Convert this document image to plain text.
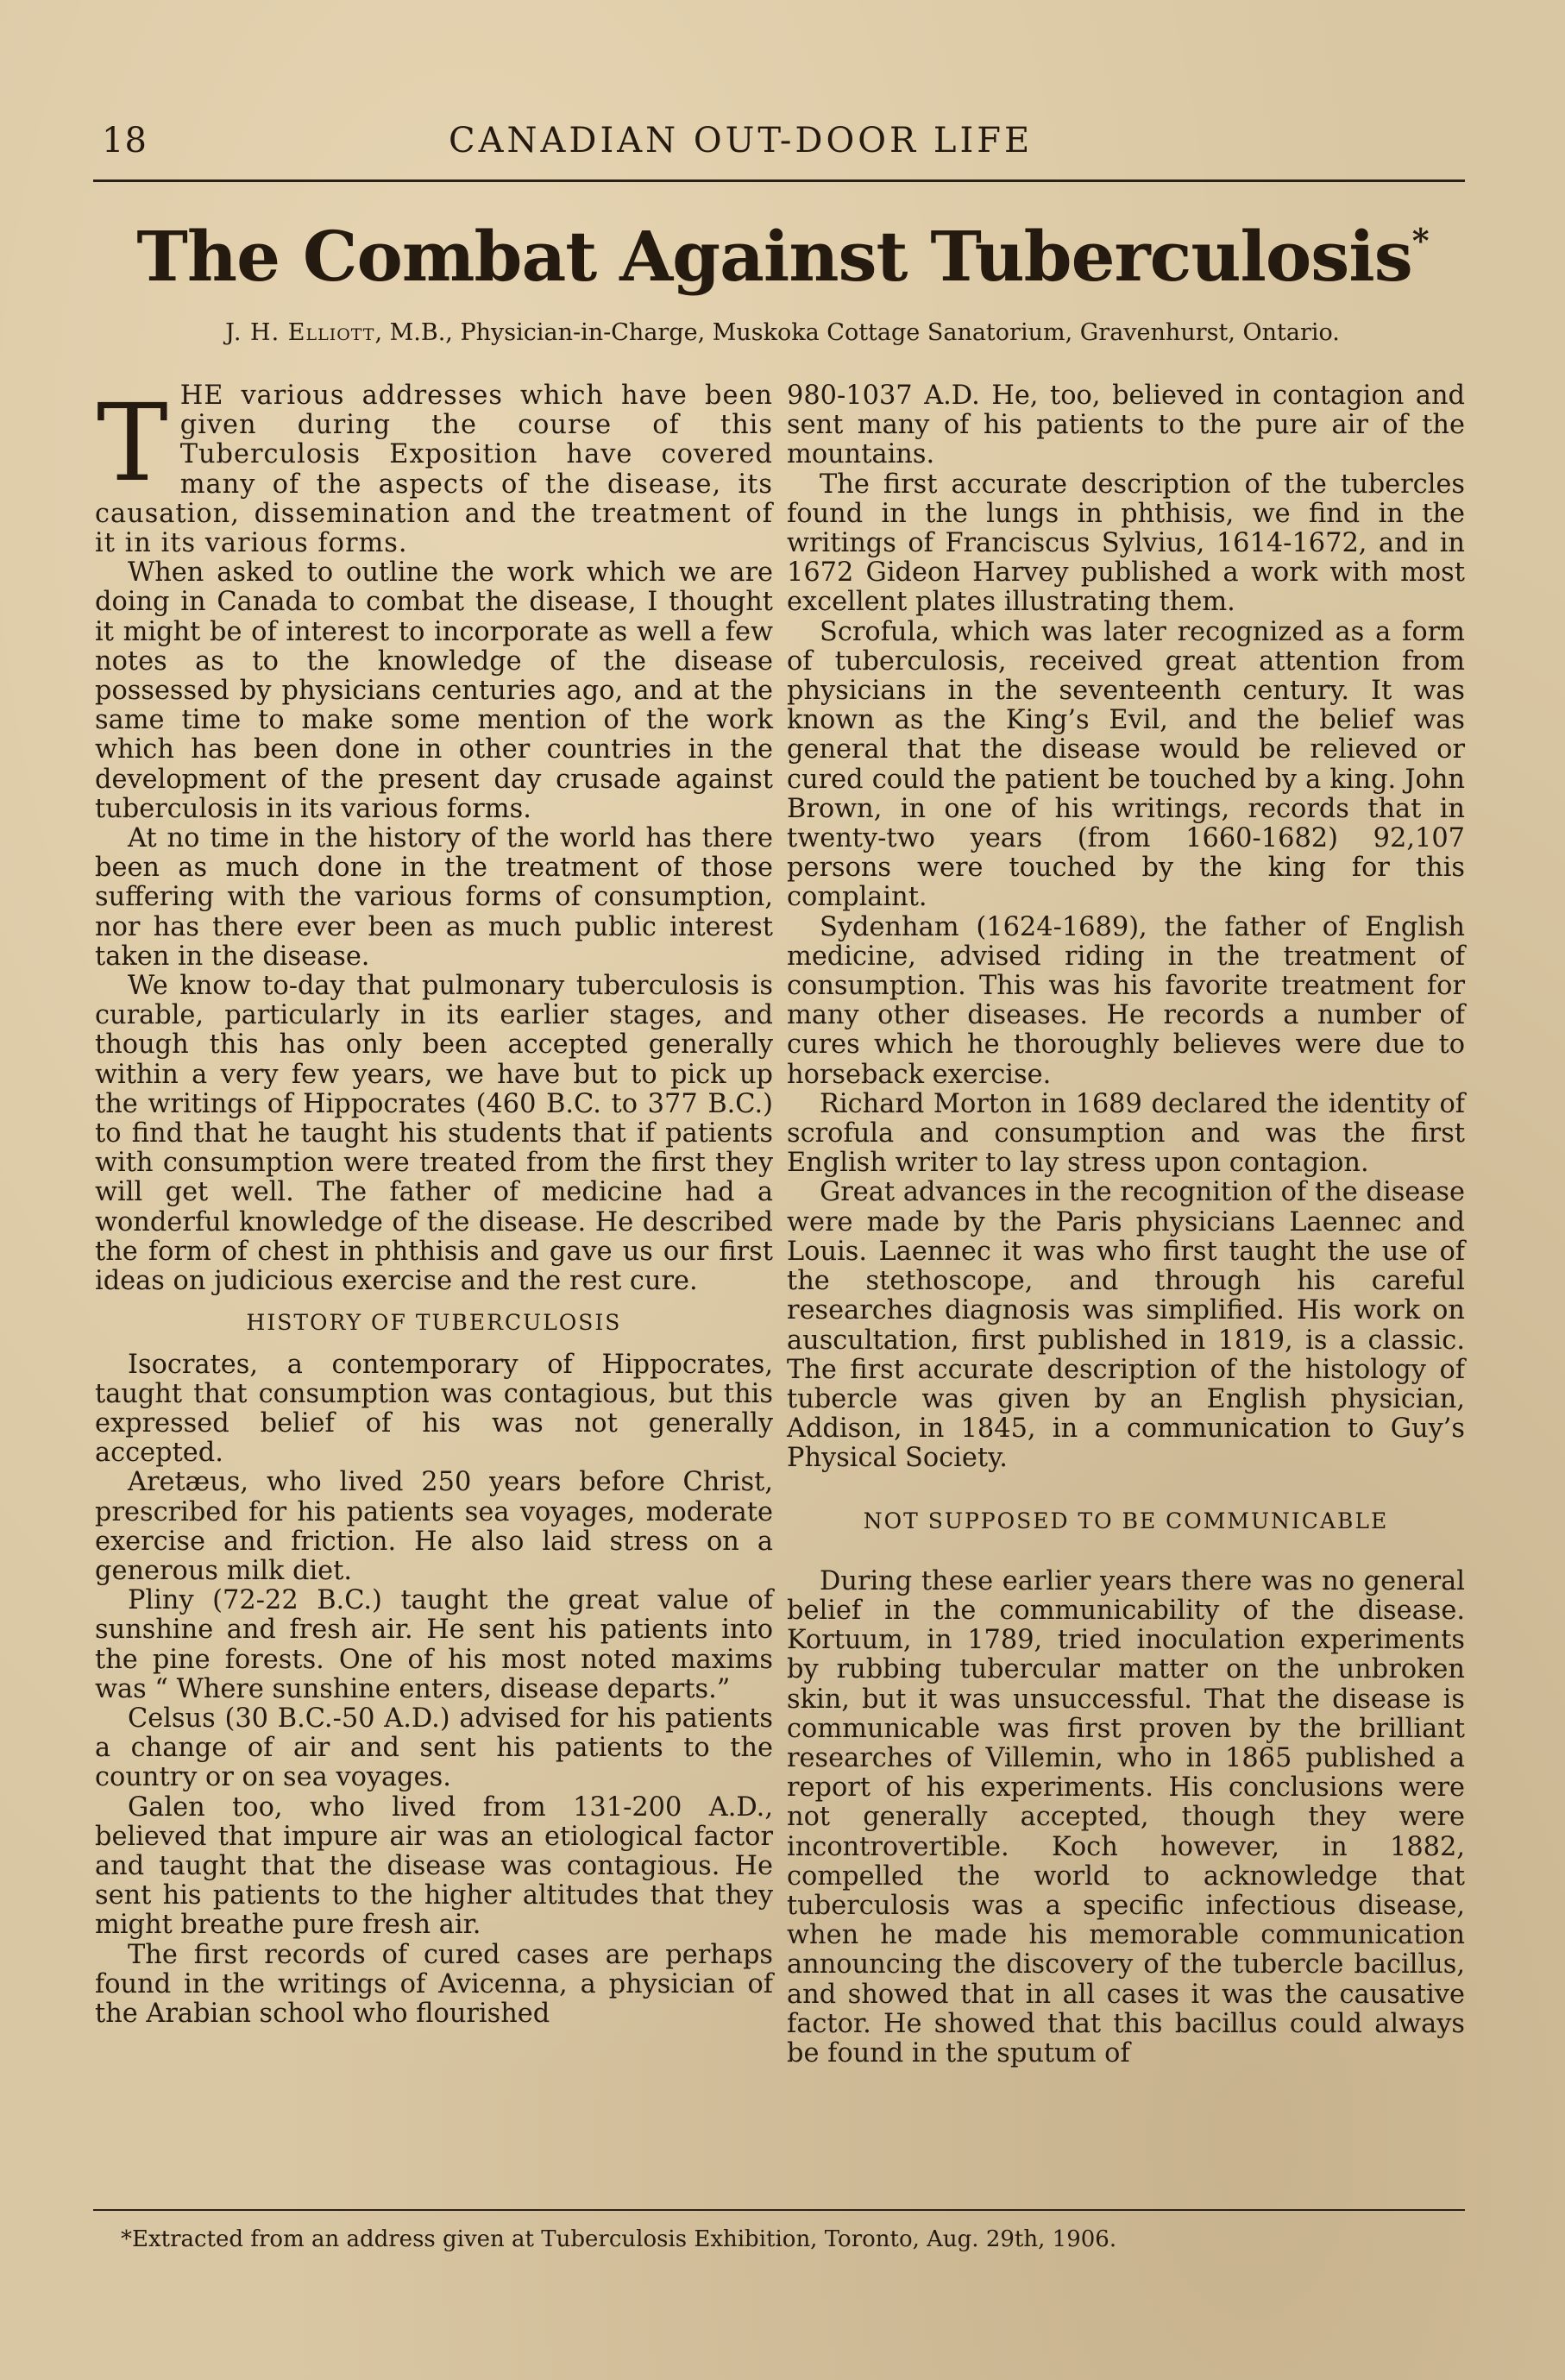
18	CANADIAN OUT-DOOR LIFE
The Combat Against Tuberculosis*
J. H. Elliott, M.B., Physician-in-Charge, Muskoka Cottage Sanatorium, Gravenhurst, Ontario.

THE various addresses which have been given during the course of this Tuberculosis Exposition have covered many of the aspects of the disease, its causation, dissemination and the treatment of it in its various forms.

When asked to outline the work which we are doing in Canada to combat the disease, I thought it might be of interest to incorporate as well a few notes as to the knowledge of the disease possessed by physicians centuries ago, and at the same time to make some mention of the work which has been done in other countries in the development of the present day crusade against tuberculosis in its various forms.

At no time in the history of the world has there been as much done in the treatment of those suffering with the various forms of consumption, nor has there ever been as much public interest taken in the disease.

We know to-day that pulmonary tuberculosis is curable, particularly in its earlier stages, and though this has only been accepted generally within a very few years, we have but to pick up the writings of Hippocrates (460 B.C. to 377 B.C.) to find that he taught his students that if patients with consumption were treated from the first they will get well. The father of medicine had a wonderful knowledge of the disease. He described the form of chest in phthisis and gave us our first ideas on judicious exercise and the rest cure.

HISTORY OF TUBERCULOSIS

Isocrates, a contemporary of Hippocrates, taught that consumption was contagious, but this expressed belief of his was not generally accepted.

Aretæus, who lived 250 years before Christ, prescribed for his patients sea voyages, moderate exercise and friction. He also laid stress on a generous milk diet.

Pliny (72-22 B.C.) taught the great value of sunshine and fresh air. He sent his patients into the pine forests. One of his most noted maxims was “ Where sunshine enters, disease departs.”

Celsus (30 B.C.-50 A.D.) advised for his patients a change of air and sent his patients to the country or on sea voyages.

Galen too, who lived from 131-200 A.D., believed that impure air was an etiological factor and taught that the disease was contagious. He sent his patients to the higher altitudes that they might breathe pure fresh air.

The first records of cured cases are perhaps found in the writings of Avicenna, a physician of the Arabian school who flourished

980-1037 A.D. He, too, believed in contagion and sent many of his patients to the pure air of the mountains.

The first accurate description of the tubercles found in the lungs in phthisis, we find in the writings of Franciscus Sylvius, 1614-1672, and in 1672 Gideon Harvey published a work with most excellent plates illustrating them.

Scrofula, which was later recognized as a form of tuberculosis, received great attention from physicians in the seventeenth century. It was known as the King’s Evil, and the belief was general that the disease would be relieved or cured could the patient be touched by a king. John Brown, in one of his writings, records that in twenty-two years (from 1660-1682) 92,107 persons were touched by the king for this complaint.

Sydenham (1624-1689), the father of English medicine, advised riding in the treatment of consumption. This was his favorite treatment for many other diseases. He records a number of cures which he thoroughly believes were due to horseback exercise.

Richard Morton in 1689 declared the identity of scrofula and consumption and was the first English writer to lay stress upon contagion.

Great advances in the recognition of the disease were made by the Paris physicians Laennec and Louis. Laennec it was who first taught the use of the stethoscope, and through his careful researches diagnosis was simplified. His work on auscultation, first published in 1819, is a classic. The first accurate description of the histology of tubercle was given by an English physician, Addison, in 1845, in a communication to Guy’s Physical Society.

NOT SUPPOSED TO BE COMMUNICABLE

During these earlier years there was no general belief in the communicability of the disease. Kortuum, in 1789, tried inoculation experiments by rubbing tubercular matter on the unbroken skin, but it was unsuccessful. That the disease is communicable was first proven by the brilliant researches of Villemin, who in 1865 published a report of his experiments. His conclusions were not generally accepted, though they were incontrovertible. Koch however, in 1882, compelled the world to acknowledge that tuberculosis was a specific infectious disease, when he made his memorable communication announcing the discovery of the tubercle bacillus, and showed that in all cases it was the causative factor. He showed that this bacillus could always be found in the sputum of

*Extracted from an address given at Tuberculosis Exhibition, Toronto, Aug. 29th, 1906.
